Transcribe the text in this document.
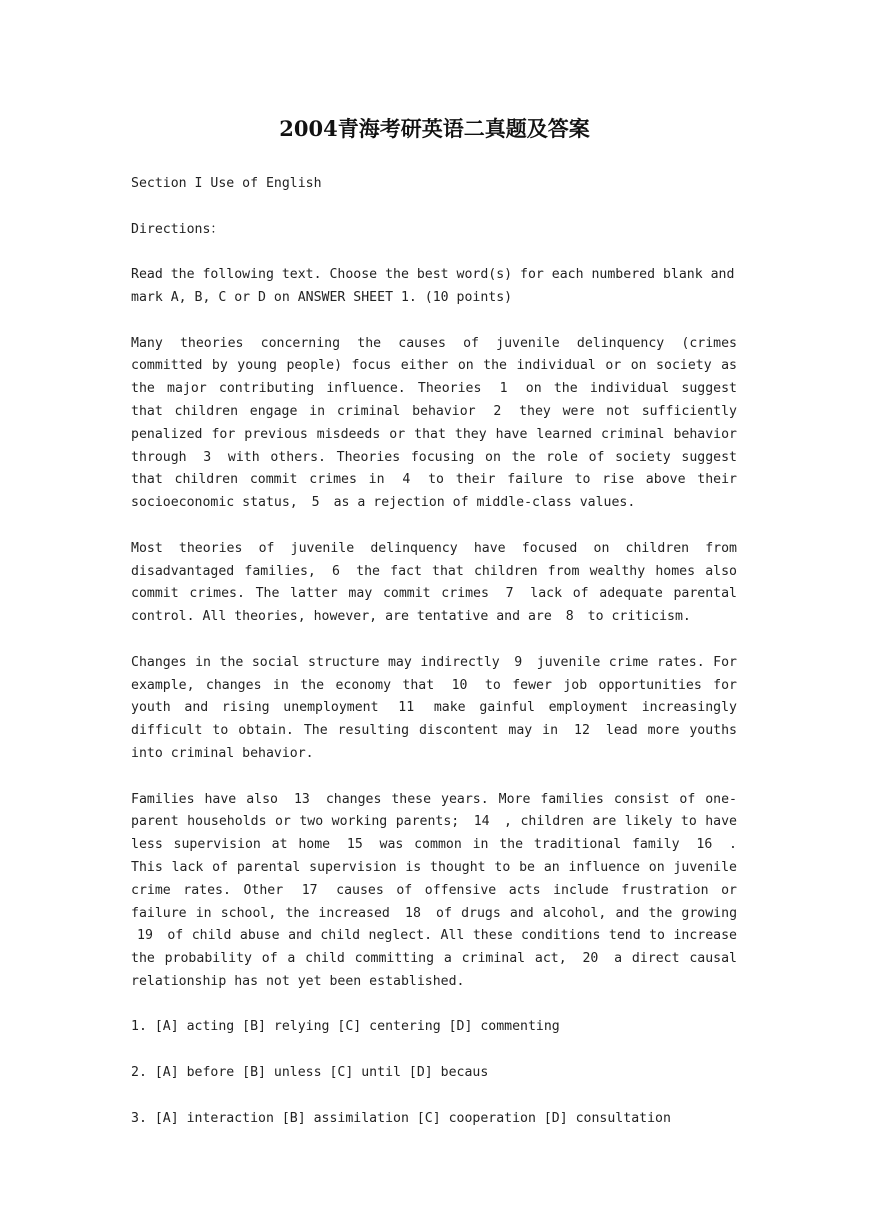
2004青海考研英语二真题及答案

Section I Use of English

Directions：

Read the following text. Choose the best word(s) for each numbered blank and mark A, B, C or D on ANSWER SHEET 1. (10 points)

Many theories concerning the causes of juvenile delinquency (crimes committed by young people) focus either on the individual or on society as the major contributing influence. Theories 1 on the individual suggest that children engage in criminal behavior 2 they were not sufficiently penalized for previous misdeeds or that they have learned criminal behavior through 3 with others. Theories focusing on the role of society suggest that children commit crimes in 4 to their failure to rise above their socioeconomic status, 5 as a rejection of middle-class values.

Most theories of juvenile delinquency have focused on children from disadvantaged families, 6 the fact that children from wealthy homes also commit crimes. The latter may commit crimes 7 lack of adequate parental control. All theories, however, are tentative and are 8 to criticism.

Changes in the social structure may indirectly 9 juvenile crime rates. For example, changes in the economy that 10 to fewer job opportunities for youth and rising unemployment 11 make gainful employment increasingly difficult to obtain. The resulting discontent may in 12 lead more youths into criminal behavior.

Families have also 13 changes these years. More families consist of one-parent households or two working parents; 14 , children are likely to have less supervision at home 15 was common in the traditional family 16 . This lack of parental supervision is thought to be an influence on juvenile crime rates. Other 17 causes of offensive acts include frustration or failure in school, the increased 18 of drugs and alcohol, and the growing 19 of child abuse and child neglect. All these conditions tend to increase the probability of a child committing a criminal act, 20 a direct causal relationship has not yet been established.

1. [A] acting [B] relying [C] centering [D] commenting

2. [A] before [B] unless [C] until [D] becaus

3. [A] interaction [B] assimilation [C] cooperation [D] consultation
